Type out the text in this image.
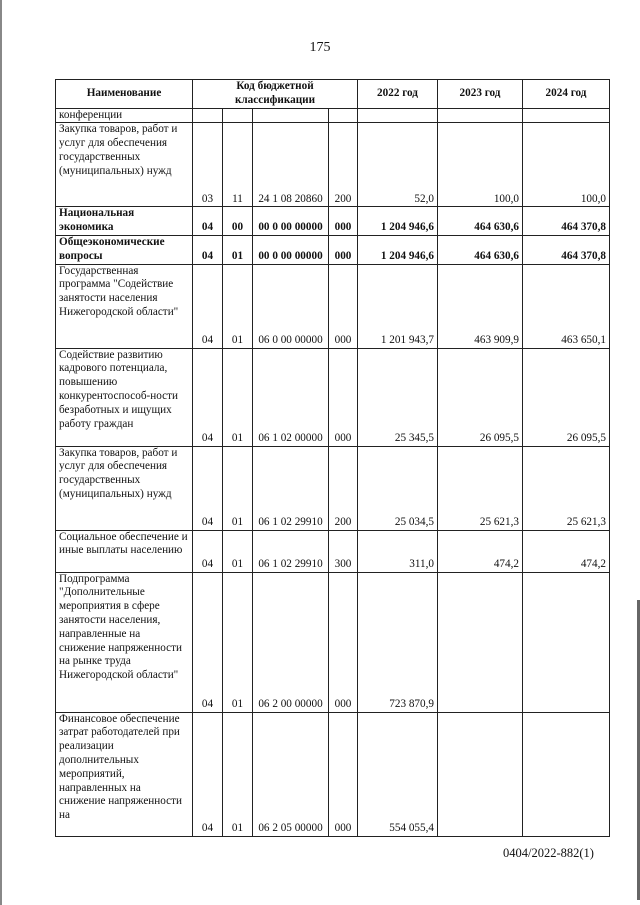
175
Наименование	Код бюджетной классификации				2022 год	2023 год	2024 год
конференции							
Закупка товаров, работ и услуг для обеспечения государственных (муниципальных) нужд	03	11	24 1 08 20860	200	52,0	100,0	100,0
Национальная экономика	04	00	00 0 00 00000	000	1 204 946,6	464 630,6	464 370,8
Общеэкономические вопросы	04	01	00 0 00 00000	000	1 204 946,6	464 630,6	464 370,8
Государственная программа "Содействие занятости населения Нижегородской области"	04	01	06 0 00 00000	000	1 201 943,7	463 909,9	463 650,1
Содействие развитию кадрового потенциала, повышению конкурентоспособ-ности безработных и ищущих работу граждан	04	01	06 1 02 00000	000	25 345,5	26 095,5	26 095,5
Закупка товаров, работ и услуг для обеспечения государственных (муниципальных) нужд	04	01	06 1 02 29910	200	25 034,5	25 621,3	25 621,3
Социальное обеспечение и иные выплаты населению	04	01	06 1 02 29910	300	311,0	474,2	474,2
Подпрограмма "Дополнительные мероприятия в сфере занятости населения, направленные на снижение напряженности на рынке труда Нижегородской области"	04	01	06 2 00 00000	000	723 870,9		
Финансовое обеспечение затрат работодателей при реализации дополнительных мероприятий, направленных на снижение напряженности на	04	01	06 2 05 00000	000	554 055,4		
0404/2022-882(1)
